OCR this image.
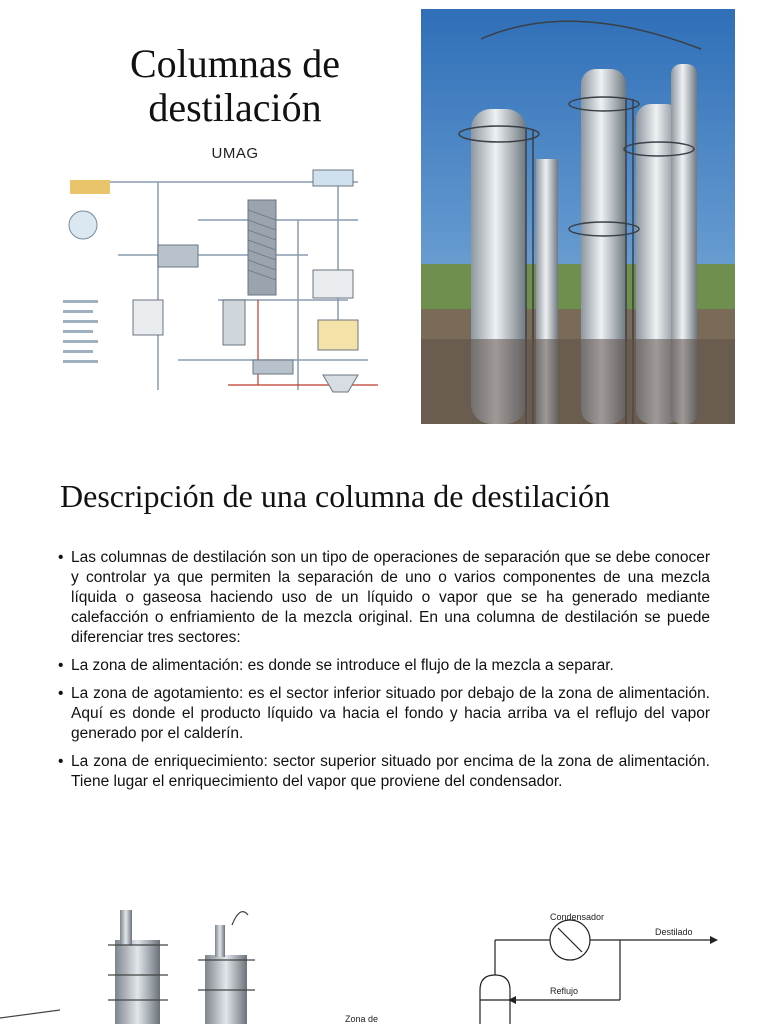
Columnas de destilación
UMAG
Descripción de una columna de destilación
• Las columnas de destilación son un tipo de operaciones de separación que se debe conocer y controlar ya que permiten la separación de uno o varios componentes de una mezcla líquida o gaseosa haciendo uso de un líquido o vapor que se ha generado mediante calefacción o enfriamiento de la mezcla original. En una columna de destilación se puede diferenciar tres sectores:
• La zona de alimentación: es donde se introduce el flujo de la mezcla a separar.
• La zona de agotamiento: es el sector inferior situado por debajo de la zona de alimentación. Aquí es donde el producto líquido va hacia el fondo y hacia arriba va el reflujo del vapor generado por el calderín.
• La zona de enriquecimiento: sector superior situado por encima de la zona de alimentación. Tiene lugar el enriquecimiento del vapor que proviene del condensador.
Condensador
Destilado
Reflujo
Zona de
